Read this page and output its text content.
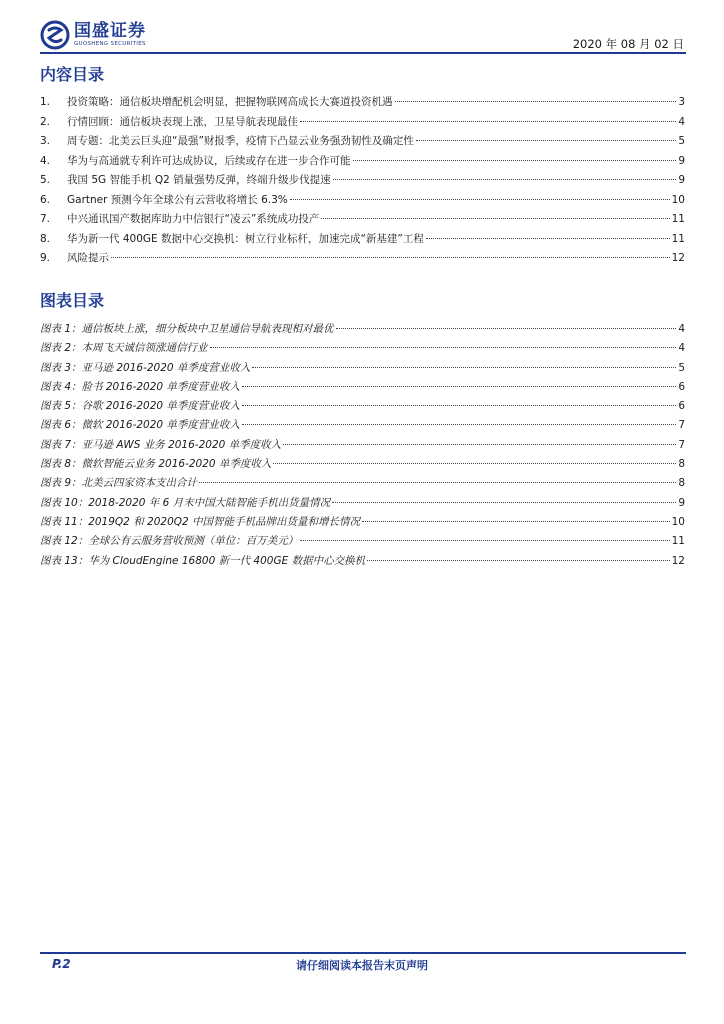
国盛证券
GUOSHENG SECURITIES	2020 年 08 月 02 日
内容目录
1.	投资策略：通信板块增配机会明显，把握物联网高成长大赛道投资机遇	3
2.	行情回顾：通信板块表现上涨，卫星导航表现最佳	4
3.	周专题：北美云巨头迎“最强”财报季，疫情下凸显云业务强劲韧性及确定性	5
4.	华为与高通就专利许可达成协议，后续或存在进一步合作可能	9
5.	我国 5G 智能手机 Q2 销量强势反弹，终端升级步伐提速	9
6.	Gartner 预测今年全球公有云营收将增长 6.3%	10
7.	中兴通讯国产数据库助力中信银行“凌云”系统成功投产	11
8.	华为新一代 400GE 数据中心交换机：树立行业标杆，加速完成“新基建”工程	11
9.	风险提示	12
图表目录
图表 1：通信板块上涨，细分板块中卫星通信导航表现相对最优	4
图表 2：本周飞天诚信领涨通信行业	4
图表 3：亚马逊 2016-2020 单季度营业收入	5
图表 4：脸书 2016-2020 单季度营业收入	6
图表 5：谷歌 2016-2020 单季度营业收入	6
图表 6：微软 2016-2020 单季度营业收入	7
图表 7：亚马逊 AWS 业务 2016-2020 单季度收入	7
图表 8：微软智能云业务 2016-2020 单季度收入	8
图表 9：北美云四家资本支出合计	8
图表 10：2018-2020 年 6 月末中国大陆智能手机出货量情况	9
图表 11：2019Q2 和 2020Q2 中国智能手机品牌出货量和增长情况	10
图表 12：全球公有云服务营收预测（单位：百万美元）	11
图表 13：华为 CloudEngine 16800 新一代 400GE 数据中心交换机	12
P.2	请仔细阅读本报告末页声明
